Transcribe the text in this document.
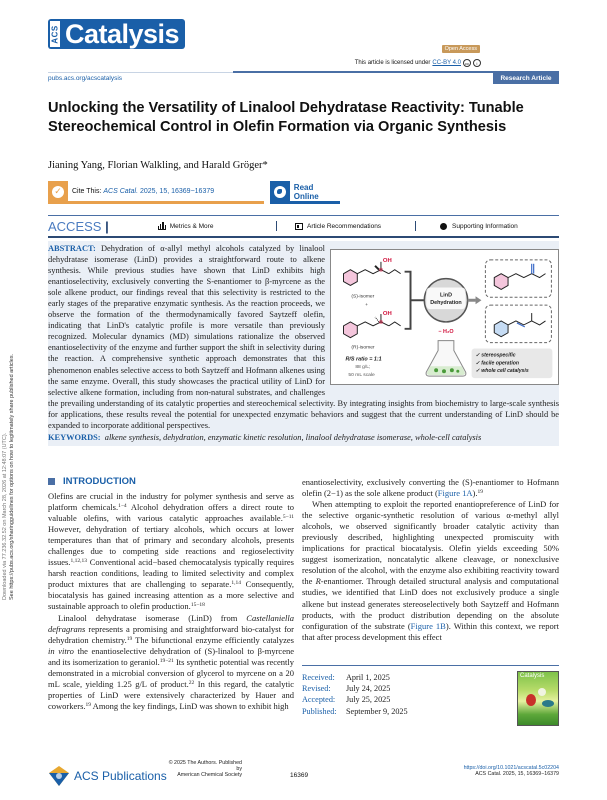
Downloaded via 77.236.32.52 on March 28, 2026 at 12:48:07 (UTC). See https://pubs.acs.org/sharingguidelines for options on how to legitimately share published articles.
ACS Catalysis	Open Access
This article is licensed under CC-BY 4.0	cc	i
pubs.acs.org/acscatalysis	Research Article
Unlocking the Versatility of Linalool Dehydratase Reactivity: Tunable Stereochemical Control in Olefin Formation via Organic Synthesis
Jianing Yang, Florian Walkling, and Harald Gröger*
✓	Cite This: ACS Catal. 2025, 15, 16369−16379	Read Online
ACCESS |	Metrics & More	Article Recommendations	Supporting Information
ABSTRACT: Dehydration of α-allyl methyl alcohols catalyzed by linalool dehydratase isomerase (LinD) provides a straightforward route to alkene synthesis. While previous studies have shown that LinD exhibits high enantioselectivity, exclusively converting the S-enantiomer to β-myrcene as the sole alkene product, our findings reveal that this selectivity is restricted to the early stages of the preparative enzymatic synthesis. As the reaction proceeds, we observe the formation of the thermodynamically favored Saytzeff olefin, indicating that LinD's catalytic profile is more versatile than previously recognized. Molecular dynamics (MD) simulations rationalize the observed enantioselectivity of the enzyme and further support the shift in selectivity during the reaction. A comprehensive synthetic approach demonstrates that this phenomenon enables selective access to both Saytzeff and Hofmann alkenes using the same enzyme. Overall, this study showcases the practical utility of LinD for selective alkene formation, including from non-natural substrates, and challenges the prevailing understanding of its catalytic properties and stereochemical selectivity. By integrating insights from biochemistry to large-scale synthesis for applications, these results reveal the potential for unexpected enzymatic behaviors and suggest that the current understanding of LinD should be expanded to incorporate additional perspectives.
KEYWORDS: alkene synthesis, dehydration, enzymatic kinetic resolution, linalool dehydratase isomerase, whole-cell catalysis
OH
(S)-isomer
+
OH
(R)-isomer
R/S ratio = 1:1
88 g/L;
50 mL scale
LinD
Dehydration
− H₂O
✓ stereospecific
✓ facile operation
✓ whole cell catalysis
INTRODUCTION

Olefins are crucial in the industry for polymer synthesis and serve as platform chemicals.$^{1-4}$ Alcohol dehydration offers a direct route to valuable olefins, with various catalytic approaches available.$^{5-11}$ However, dehydration of tertiary alcohols, which occurs at lower temperatures than that of primary and secondary alcohols, presents challenges due to competing side reactions and regioselectivity issues.$^{1,12,13}$ Conventional acid−based chemocatalysis typically requires harsh reaction conditions, leading to limited selectivity and complex product mixtures that are challenging to separate.$^{1,14}$ Consequently, biocatalysis has gained increasing attention as a more selective and sustainable approach to olefin production.$^{15-18}$

Linalool dehydratase isomerase (LinD) from Castellaniella defragrans represents a promising and straightforward bio-catalyst for dehydration chemistry.$^{19}$ The bifunctional enzyme efficiently catalyzes in vitro the enantioselective dehydration of (S)-linalool to β-myrcene and its isomerization to geraniol.$^{19-21}$ Its synthetic potential was recently demonstrated in a microbial conversion of glycerol to myrcene on a 20 mL scale, yielding 1.25 g/L of product.$^{22}$ In this regard, the catalytic properties of LinD were extensively characterized by Hauer and coworkers.$^{19}$ Among the key findings, LinD was shown to exhibit high

enantioselectivity, exclusively converting the (S)-enantiomer to Hofmann olefin (2−1) as the sole alkene product (Figure 1A).$^{19}$

When attempting to exploit the reported enantiopreference of LinD for the selective organic-synthetic resolution of various α-methyl allyl alcohols, we observed significantly broader catalytic activity than previously described, highlighting unexpected promiscuity with implications for practical biocatalysis. Olefin yields exceeding 50% suggest isomerization, noncatalytic alkene cleavage, or nonexclusive resolution of the alcohol, with the enzyme also exhibiting reactivity toward the R-enantiomer. Through detailed structural analysis and computational studies, we identified that LinD does not exclusively produce a single alkene but instead generates stereoselectively both Saytzeff and Hofmann products, with the product distribution depending on the absolute configuration of the substrate (Figure 1B). Within this context, we report that after process development this effect

Received:	April 1, 2025
Revised:	July 24, 2025
Accepted:	July 25, 2025
Published:	September 9, 2025
Catalysis
ACS Publications
© 2025 The Authors. Published by
American Chemical Society	16369
https://doi.org/10.1021/acscatal.5c02204
ACS Catal. 2025, 15, 16369−16379
